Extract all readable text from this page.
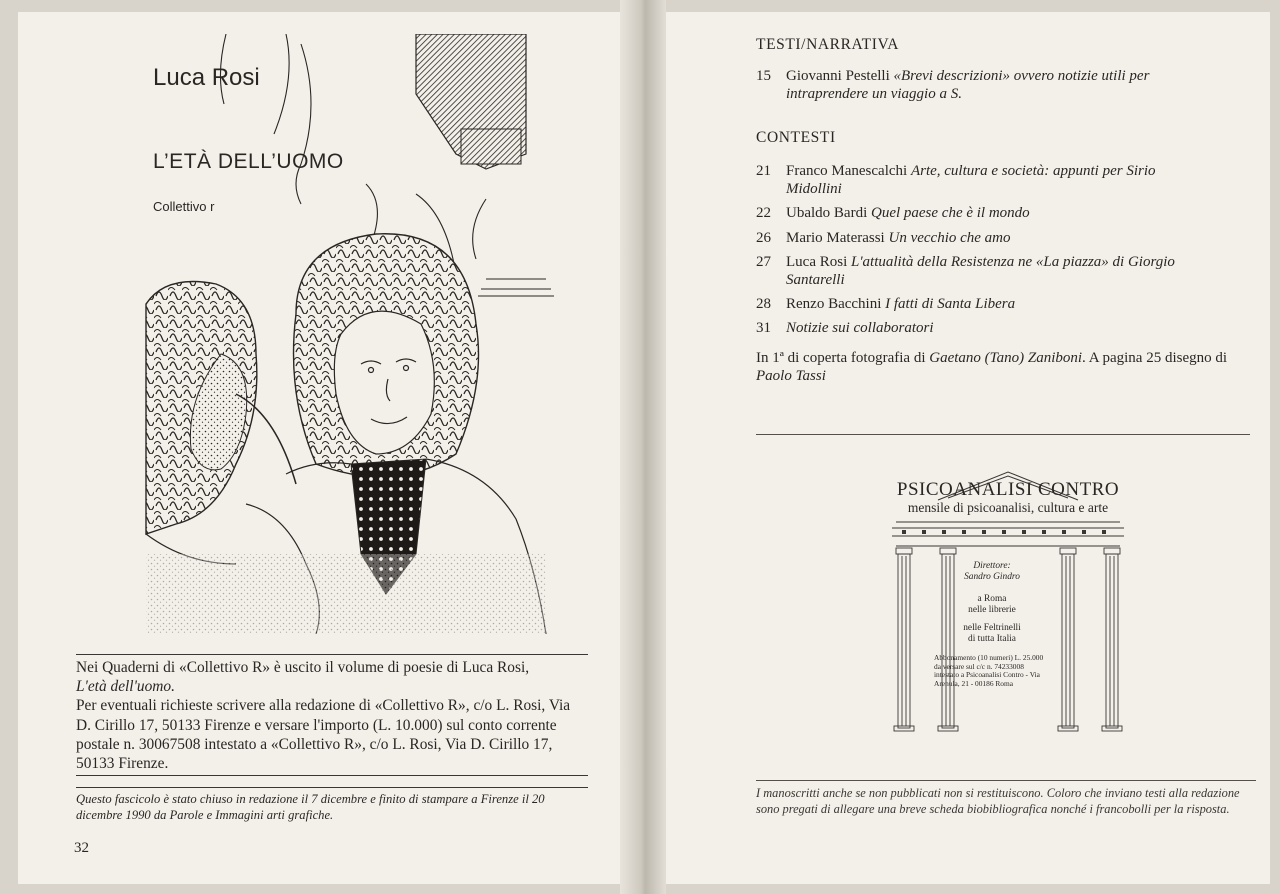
Luca Rosi
L’ETÀ DELL’UOMO
Collettivo r

Nei Quaderni di «Collettivo R» è uscito il volume di poesie di Luca Rosi,

L'età dell'uomo.

Per eventuali richieste scrivere alla redazione di «Collettivo R», c/o L. Rosi, Via D. Cirillo 17, 50133 Firenze e versare l'importo (L. 10.000) sul conto corrente postale n. 30067508 intestato a «Collettivo R», c/o L. Rosi, Via D. Cirillo 17, 50133 Firenze.

Questo fascicolo è stato chiuso in redazione il 7 dicembre e finito di stampare a Firenze il 20 dicembre 1990 da Parole e Immagini arti grafiche.

32
TESTI/NARRATIVA
15	Giovanni Pestelli «Brevi descrizioni» ovvero notizie utili per intraprendere un viaggio a S.
CONTESTI
21	Franco Manescalchi Arte, cultura e società: appunti per Sirio Midollini
22	Ubaldo Bardi Quel paese che è il mondo
26	Mario Materassi Un vecchio che amo
27	Luca Rosi L'attualità della Resistenza ne «La piazza» di Giorgio Santarelli
28	Renzo Bacchini I fatti di Santa Libera
31	Notizie sui collaboratori

In 1ª di coperta fotografia di Gaetano (Tano) Zaniboni. A pagina 25 disegno di Paolo Tassi

PSICOANALISI CONTRO
mensile di psicoanalisi, cultura e arte
Direttore:
Sandro Gindro
a Roma
nelle librerie
nelle Feltrinelli
di tutta Italia
Abbonamento (10 numeri) L. 25.000 da versare sul c/c n. 74233008 intestato a Psicoanalisi Contro - Via Arenula, 21 - 00186 Roma

I manoscritti anche se non pubblicati non si restituiscono. Coloro che inviano testi alla redazione sono pregati di allegare una breve scheda biobibliografica nonché i francobolli per la risposta.
